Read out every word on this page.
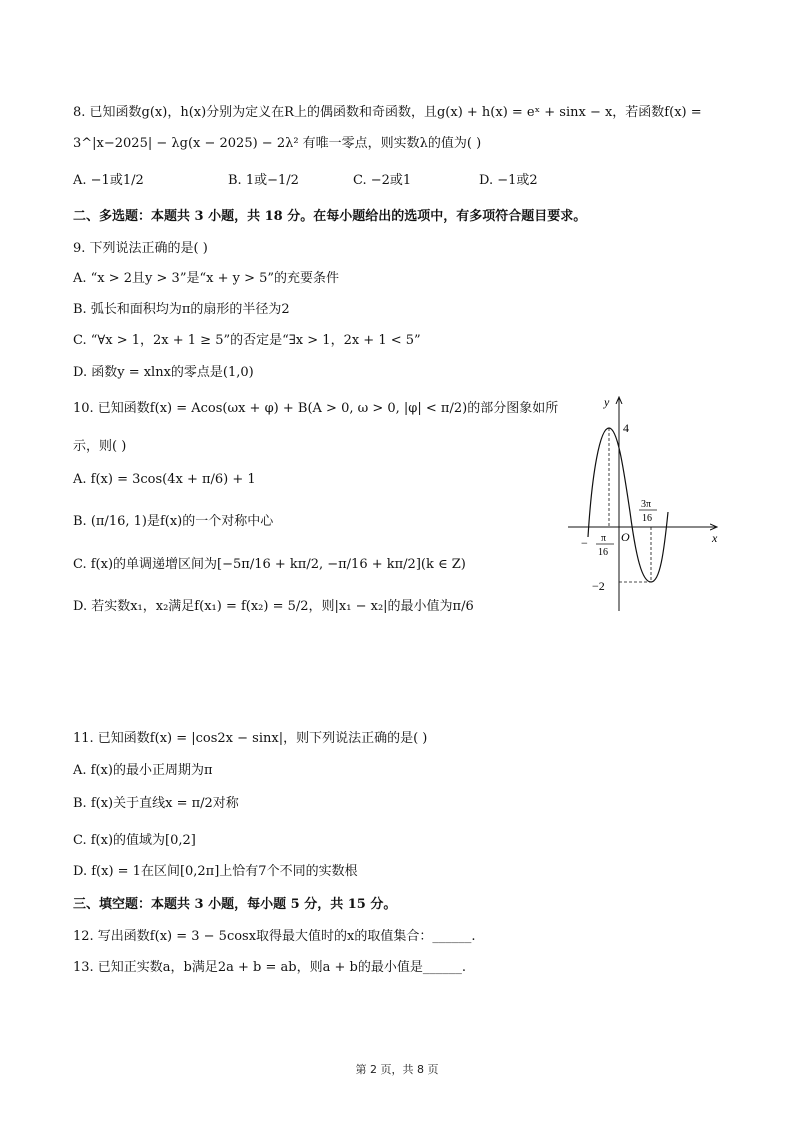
8. 已知函数g(x)，h(x)分别为定义在R上的偶函数和奇函数，且g(x) + h(x) = eˣ + sinx − x，若函数f(x) =
3^|x−2025| − λg(x − 2025) − 2λ² 有唯一零点，则实数λ的值为( )
A. −1或1/2	B. 1或−1/2	C. −2或1	D. −1或2
二、多选题：本题共 3 小题，共 18 分。在每小题给出的选项中，有多项符合题目要求。
9. 下列说法正确的是( )
A. “x > 2且y > 3”是“x + y > 5”的充要条件
B. 弧长和面积均为π的扇形的半径为2
C. “∀x > 1，2x + 1 ≥ 5”的否定是“∃x > 1，2x + 1 < 5”
D. 函数y = xlnx的零点是(1,0)
10. 已知函数f(x) = Acos(ωx + φ) + B(A > 0, ω > 0, |φ| < π/2)的部分图象如所
示，则( )
A. f(x) = 3cos(4x + π/6) + 1
B. (π/16, 1)是f(x)的一个对称中心
C. f(x)的单调递增区间为[−5π/16 + kπ/2, −π/16 + kπ/2](k ∈ Z)
D. 若实数x₁，x₂满足f(x₁) = f(x₂) = 5/2，则|x₁ − x₂|的最小值为π/6
y
x
O
4
−2
− π
16
3π
16
11. 已知函数f(x) = |cos2x − sinx|，则下列说法正确的是( )
A. f(x)的最小正周期为π
B. f(x)关于直线x = π/2对称
C. f(x)的值域为[0,2]
D. f(x) = 1在区间[0,2π]上恰有7个不同的实数根
三、填空题：本题共 3 小题，每小题 5 分，共 15 分。
12. 写出函数f(x) = 3 − 5cosx取得最大值时的x的取值集合：______.
13. 已知正实数a，b满足2a + b = ab，则a + b的最小值是______.
第 2 页，共 8 页
